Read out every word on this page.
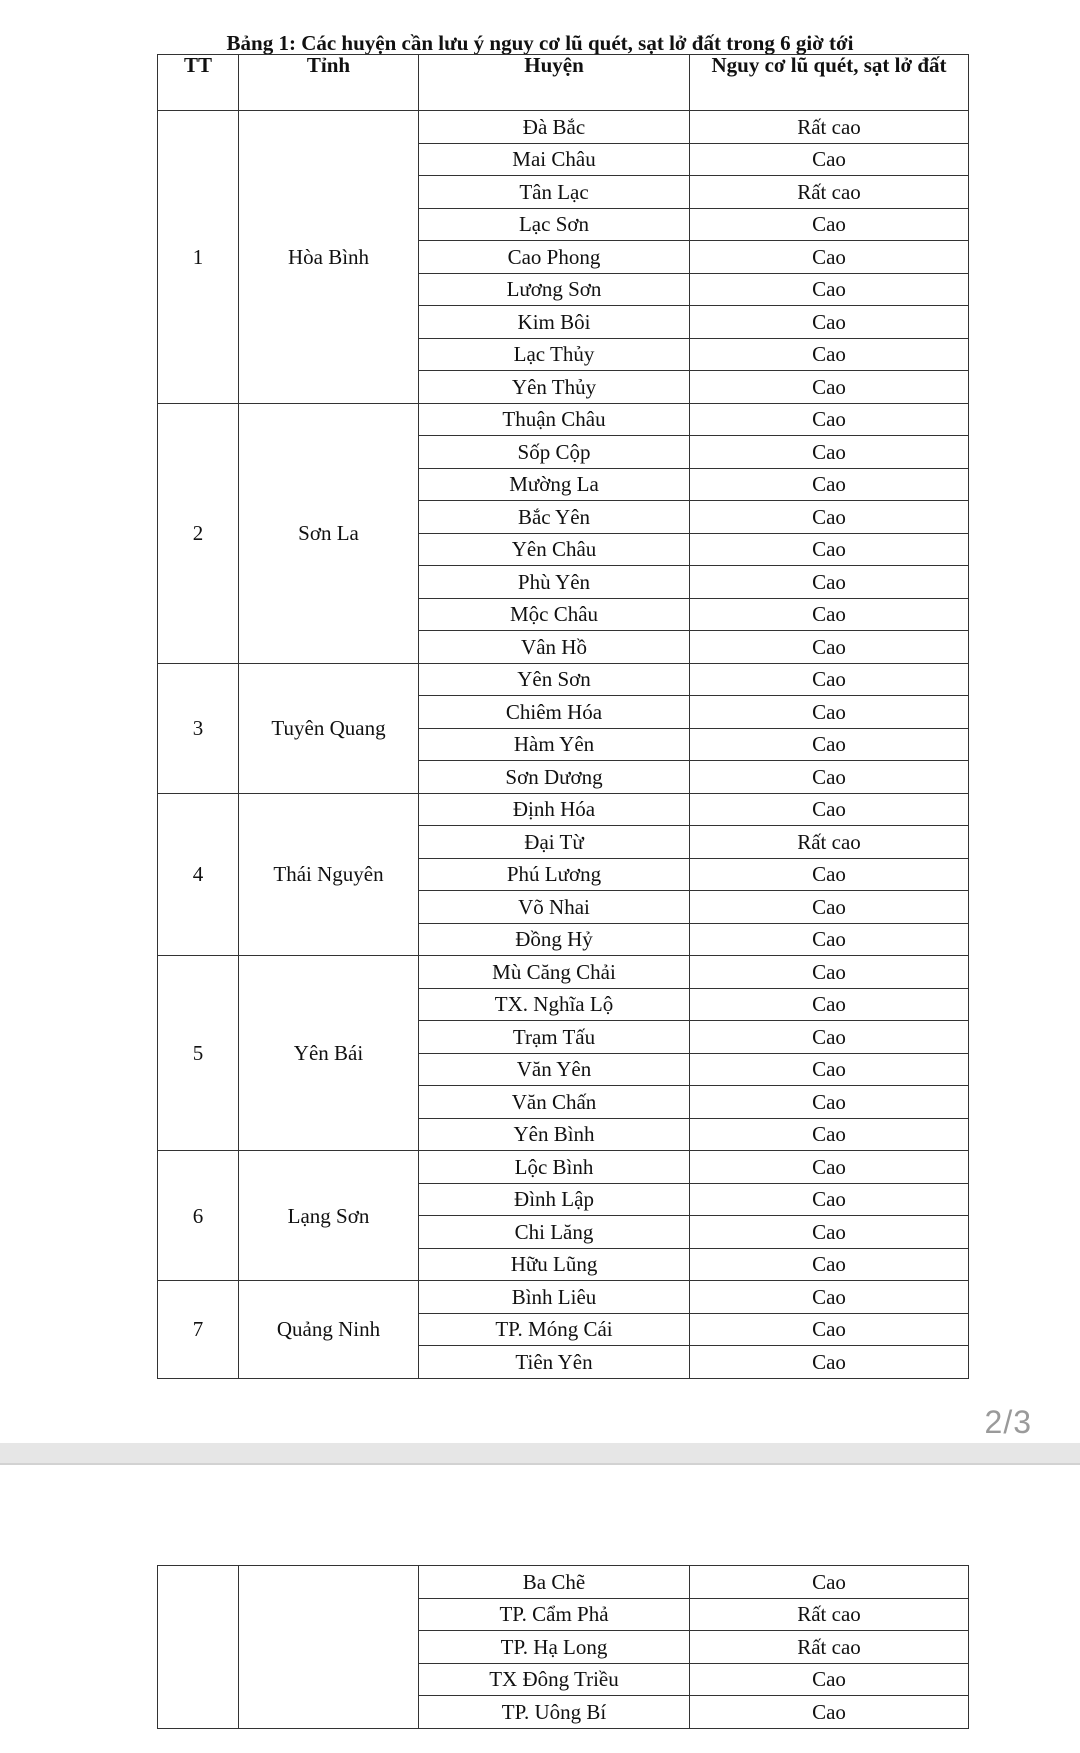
Bảng 1: Các huyện cần lưu ý nguy cơ lũ quét, sạt lở đất trong 6 giờ tới
TT	Tỉnh	Huyện	Nguy cơ lũ quét, sạt lở đất
1	Hòa Bình	Đà Bắc	Rất cao
		Mai Châu	Cao
		Tân Lạc	Rất cao
		Lạc Sơn	Cao
		Cao Phong	Cao
		Lương Sơn	Cao
		Kim Bôi	Cao
		Lạc Thủy	Cao
		Yên Thủy	Cao
2	Sơn La	Thuận Châu	Cao
		Sốp Cộp	Cao
		Mường La	Cao
		Bắc Yên	Cao
		Yên Châu	Cao
		Phù Yên	Cao
		Mộc Châu	Cao
		Vân Hồ	Cao
3	Tuyên Quang	Yên Sơn	Cao
		Chiêm Hóa	Cao
		Hàm Yên	Cao
		Sơn Dương	Cao
4	Thái Nguyên	Định Hóa	Cao
		Đại Từ	Rất cao
		Phú Lương	Cao
		Võ Nhai	Cao
		Đồng Hỷ	Cao
5	Yên Bái	Mù Căng Chải	Cao
		TX. Nghĩa Lộ	Cao
		Trạm Tấu	Cao
		Văn Yên	Cao
		Văn Chấn	Cao
		Yên Bình	Cao
6	Lạng Sơn	Lộc Bình	Cao
		Đình Lập	Cao
		Chi Lăng	Cao
		Hữu Lũng	Cao
7	Quảng Ninh	Bình Liêu	Cao
		TP. Móng Cái	Cao
		Tiên Yên	Cao
2/3
		Ba Chẽ	Cao
		TP. Cẩm Phả	Rất cao
		TP. Hạ Long	Rất cao
		TX Đông Triều	Cao
		TP. Uông Bí	Cao
